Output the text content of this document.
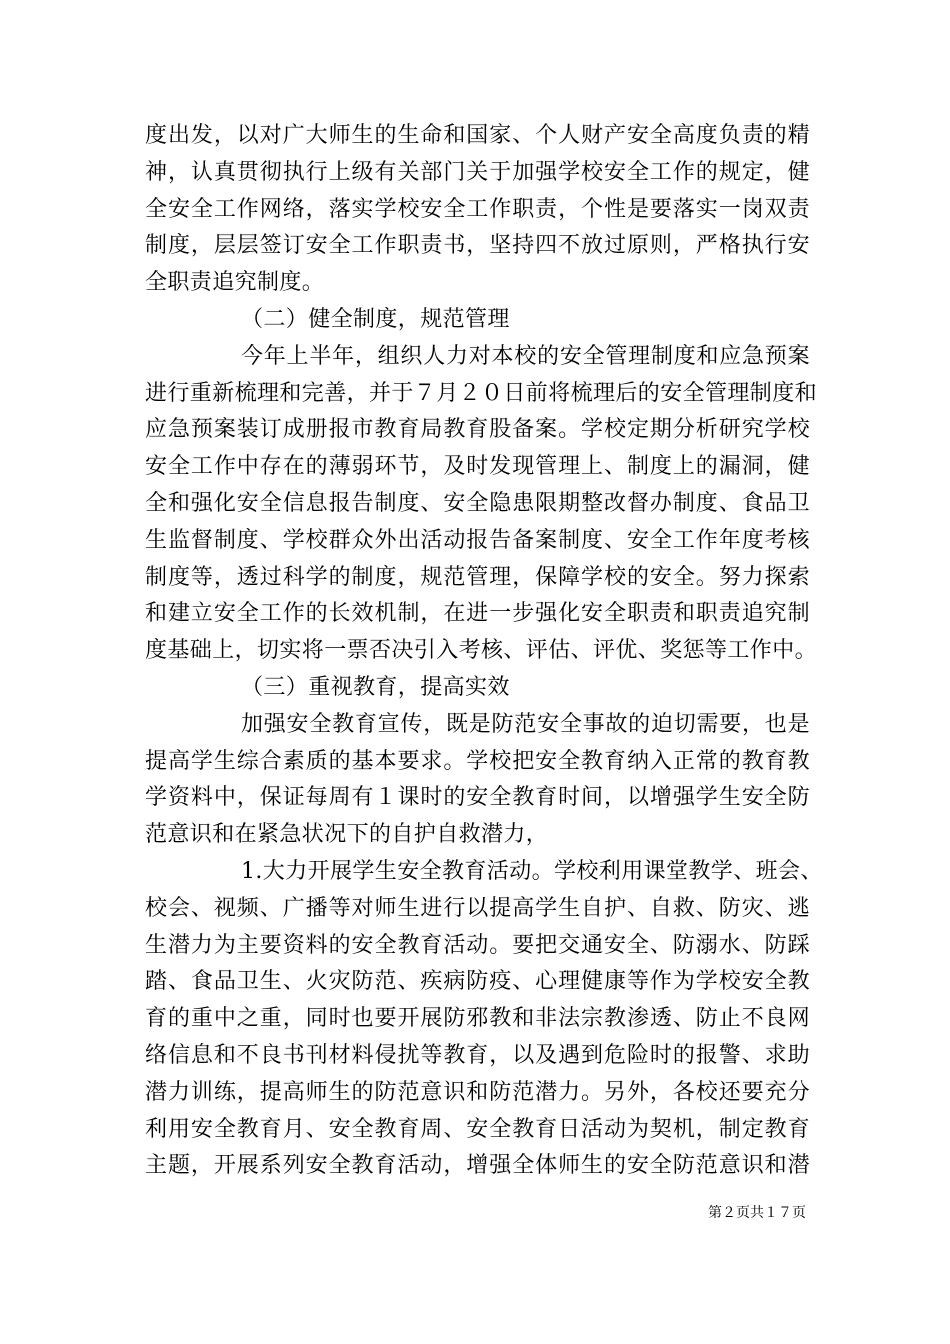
度出发，以对广大师生的生命和国家、个人财产安全高度负责的精
神，认真贯彻执行上级有关部门关于加强学校安全工作的规定，健
全安全工作网络，落实学校安全工作职责，个性是要落实一岗双责
制度，层层签订安全工作职责书，坚持四不放过原则，严格执行安
全职责追究制度。
（二）健全制度，规范管理
今年上半年，组织人力对本校的安全管理制度和应急预案
进行重新梳理和完善，并于７月２０日前将梳理后的安全管理制度和
应急预案装订成册报市教育局教育股备案。学校定期分析研究学校
安全工作中存在的薄弱环节，及时发现管理上、制度上的漏洞，健
全和强化安全信息报告制度、安全隐患限期整改督办制度、食品卫
生监督制度、学校群众外出活动报告备案制度、安全工作年度考核
制度等，透过科学的制度，规范管理，保障学校的安全。努力探索
和建立安全工作的长效机制，在进一步强化安全职责和职责追究制
度基础上，切实将一票否决引入考核、评估、评优、奖惩等工作中。
（三）重视教育，提高实效
加强安全教育宣传，既是防范安全事故的迫切需要，也是
提高学生综合素质的基本要求。学校把安全教育纳入正常的教育教
学资料中，保证每周有１课时的安全教育时间，以增强学生安全防
范意识和在紧急状况下的自护自救潜力，
1.大力开展学生安全教育活动。学校利用课堂教学、班会、
校会、视频、广播等对师生进行以提高学生自护、自救、防灾、逃
生潜力为主要资料的安全教育活动。要把交通安全、防溺水、防踩
踏、食品卫生、火灾防范、疾病防疫、心理健康等作为学校安全教
育的重中之重，同时也要开展防邪教和非法宗教渗透、防止不良网
络信息和不良书刊材料侵扰等教育，以及遇到危险时的报警、求助
潜力训练，提高师生的防范意识和防范潜力。另外，各校还要充分
利用安全教育月、安全教育周、安全教育日活动为契机，制定教育
主题，开展系列安全教育活动，增强全体师生的安全防范意识和潜
第２页共１７页
